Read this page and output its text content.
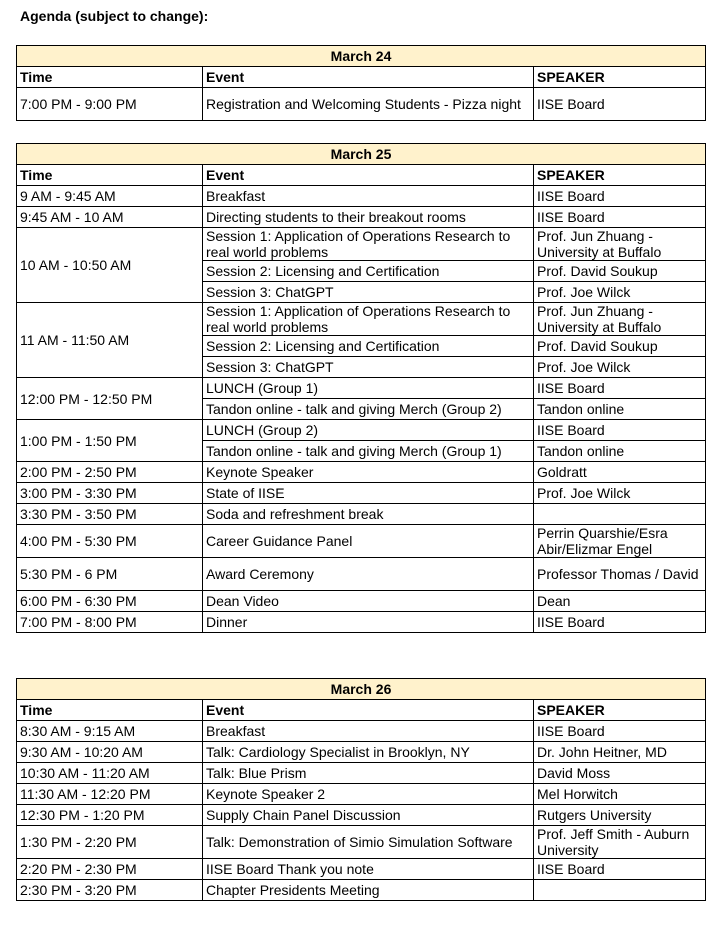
Agenda (subject to change):
March 24		
Time	Event	SPEAKER
7:00 PM - 9:00 PM	Registration and Welcoming Students - Pizza night	IISE Board
March 25		
Time	Event	SPEAKER
9 AM - 9:45 AM	Breakfast	IISE Board
9:45 AM - 10 AM	Directing students to their breakout rooms	IISE Board
10 AM - 10:50 AM	Session 1: Application of Operations Research to real world problems	Prof. Jun Zhuang - University at Buffalo
	Session 2: Licensing and Certification	Prof. David Soukup
	Session 3: ChatGPT	Prof. Joe Wilck
11 AM - 11:50 AM	Session 1: Application of Operations Research to real world problems	Prof. Jun Zhuang - University at Buffalo
	Session 2: Licensing and Certification	Prof. David Soukup
	Session 3: ChatGPT	Prof. Joe Wilck
12:00 PM - 12:50 PM	LUNCH (Group 1)	IISE Board
	Tandon online - talk and giving Merch (Group 2)	Tandon online
1:00 PM - 1:50 PM	LUNCH (Group 2)	IISE Board
	Tandon online - talk and giving Merch (Group 1)	Tandon online
2:00 PM - 2:50 PM	Keynote Speaker	Goldratt
3:00 PM - 3:30 PM	State of IISE	Prof. Joe Wilck
3:30 PM - 3:50 PM	Soda and refreshment break	
4:00 PM - 5:30 PM	Career Guidance Panel	Perrin Quarshie/Esra Abir/Elizmar Engel
5:30 PM - 6 PM	Award Ceremony	Professor Thomas / David
6:00 PM - 6:30 PM	Dean Video	Dean
7:00 PM - 8:00 PM	Dinner	IISE Board
March 26		
Time	Event	SPEAKER
8:30 AM - 9:15 AM	Breakfast	IISE Board
9:30 AM - 10:20 AM	Talk: Cardiology Specialist in Brooklyn, NY	Dr. John Heitner, MD
10:30 AM - 11:20 AM	Talk: Blue Prism	David Moss
11:30 AM - 12:20 PM	Keynote Speaker 2	Mel Horwitch
12:30 PM - 1:20 PM	Supply Chain Panel Discussion	Rutgers University
1:30 PM - 2:20 PM	Talk: Demonstration of Simio Simulation Software	Prof. Jeff Smith - Auburn University
2:20 PM - 2:30 PM	IISE Board Thank you note	IISE Board
2:30 PM - 3:20 PM	Chapter Presidents Meeting	
